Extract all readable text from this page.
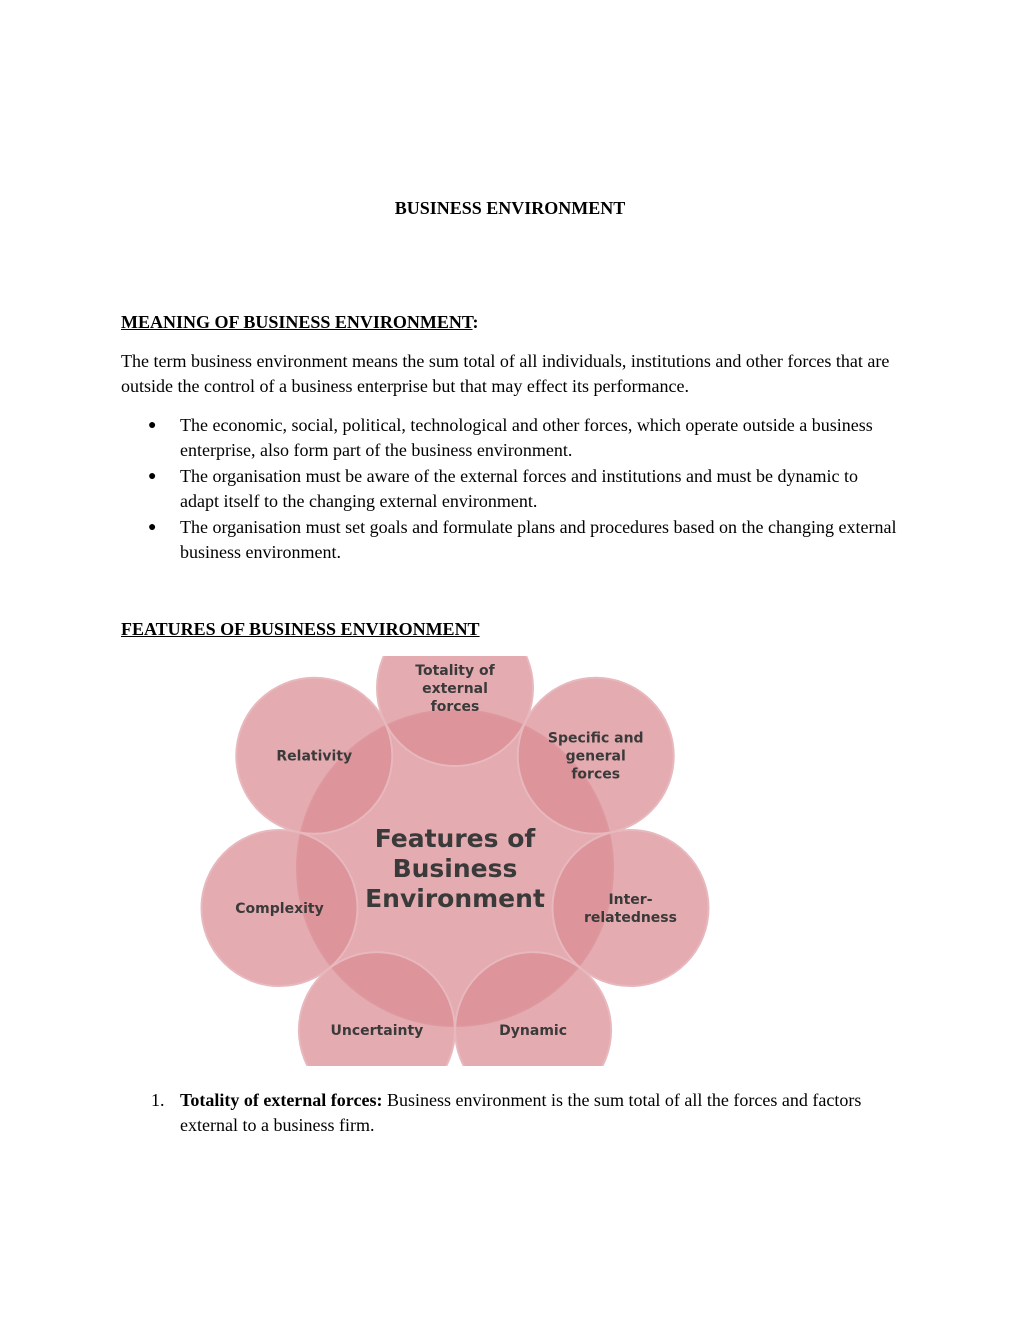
BUSINESS ENVIRONMENT
MEANING OF BUSINESS ENVIRONMENT:

The term business environment means the sum total of all individuals, institutions and other forces that are outside the control of a business enterprise but that may effect its performance.

● The economic, social, political, technological and other forces, which operate outside a business enterprise, also form part of the business environment.
● The organisation must be aware of the external forces and institutions and must be dynamic to adapt itself to the changing external environment.
● The organisation must set goals and formulate plans and procedures based on the changing external business environment.
FEATURES OF BUSINESS ENVIRONMENT
Features of Business Environment
Totality of external forces
Specific and general forces
Inter-relatedness
Dynamic
Uncertainty
Complexity
Relativity
1. Totality of external forces: Business environment is the sum total of all the forces and factors external to a business firm.
